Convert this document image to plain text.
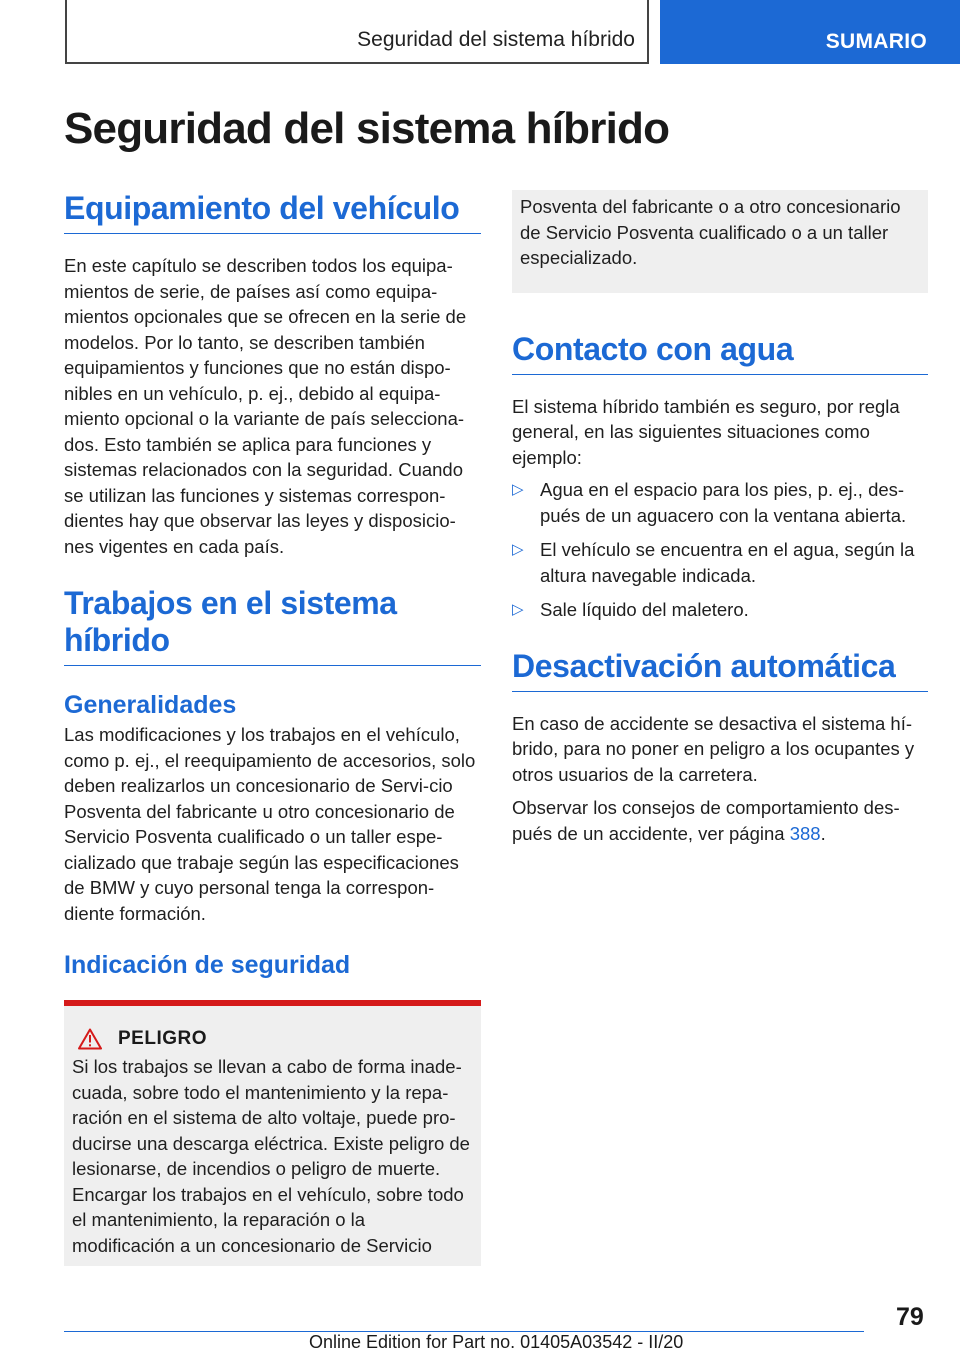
Seguridad del sistema híbrido	SUMARIO
Seguridad del sistema híbrido
Equipamiento del vehículo

En este capítulo se describen todos los equipa-mientos de serie, de países así como equipa-mientos opcionales que se ofrecen en la serie de modelos. Por lo tanto, se describen también equipamientos y funciones que no están dispo-nibles en un vehículo, p. ej., debido al equipa-miento opcional o la variante de país selecciona-dos. Esto también se aplica para funciones y sistemas relacionados con la seguridad. Cuando se utilizan las funciones y sistemas correspon-dientes hay que observar las leyes y disposicio-nes vigentes en cada país.

Trabajos en el sistema híbrido
Generalidades

Las modificaciones y los trabajos en el vehículo, como p. ej., el reequipamiento de accesorios, solo deben realizarlos un concesionario de Servi-cio Posventa del fabricante u otro concesionario de Servicio Posventa cualificado o un taller espe-cializado que trabaje según las especificaciones de BMW y cuyo personal tenga la correspon-diente formación.

Indicación de seguridad
PELIGRO

Si los trabajos se llevan a cabo de forma inade-cuada, sobre todo el mantenimiento y la repa-ración en el sistema de alto voltaje, puede pro-ducirse una descarga eléctrica. Existe peligro de lesionarse, de incendios o peligro de muerte. Encargar los trabajos en el vehículo, sobre todo el mantenimiento, la reparación o la modificación a un concesionario de Servicio

Posventa del fabricante o a otro concesionario de Servicio Posventa cualificado o a un taller especializado.

Contacto con agua

El sistema híbrido también es seguro, por regla general, en las siguientes situaciones como ejemplo:

▷ Agua en el espacio para los pies, p. ej., des-pués de un aguacero con la ventana abierta.
▷ El vehículo se encuentra en el agua, según la altura navegable indicada.
▷ Sale líquido del maletero.
Desactivación automática

En caso de accidente se desactiva el sistema hí-brido, para no poner en peligro a los ocupantes y otros usuarios de la carretera.

Observar los consejos de comportamiento des-pués de un accidente, ver página 388.

79
Online Edition for Part no. 01405A03542 - II/20
